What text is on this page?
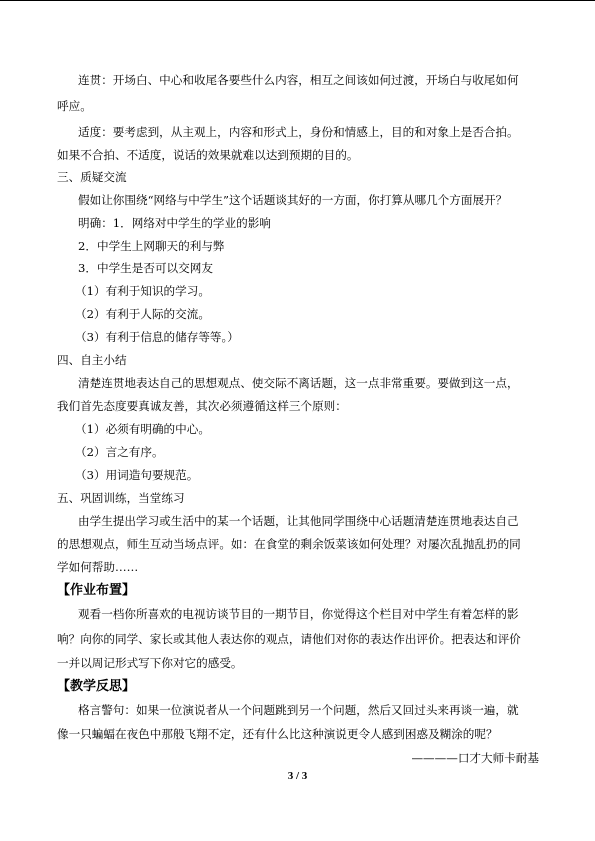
连贯：开场白、中心和收尾各要些什么内容，相互之间该如何过渡，开场白与收尾如何
呼应。
适度：要考虑到，从主观上，内容和形式上，身份和情感上，目的和对象上是否合拍。
如果不合拍、不适度，说话的效果就难以达到预期的目的。
三、质疑交流
假如让你围绕“网络与中学生”这个话题谈其好的一方面，你打算从哪几个方面展开？
明确：1．网络对中学生的学业的影响
2．中学生上网聊天的利与弊
3．中学生是否可以交网友
（1）有利于知识的学习。
（2）有利于人际的交流。
（3）有利于信息的储存等等。）
四、自主小结
清楚连贯地表达自己的思想观点、使交际不离话题，这一点非常重要。要做到这一点，
我们首先态度要真诚友善，其次必须遵循这样三个原则：
（1）必须有明确的中心。
（2）言之有序。
（3）用词造句要规范。
五、巩固训练，当堂练习
由学生提出学习或生活中的某一个话题，让其他同学围绕中心话题清楚连贯地表达自己
的思想观点，师生互动当场点评。如：在食堂的剩余饭菜该如何处理？对屡次乱抛乱扔的同
学如何帮助……
【作业布置】
观看一档你所喜欢的电视访谈节目的一期节目，你觉得这个栏目对中学生有着怎样的影
响？向你的同学、家长或其他人表达你的观点，请他们对你的表达作出评价。把表达和评价
一并以周记形式写下你对它的感受。
【教学反思】
格言警句：如果一位演说者从一个问题跳到另一个问题，然后又回过头来再谈一遍，就
像一只蝙蝠在夜色中那般飞翔不定，还有什么比这种演说更令人感到困惑及糊涂的呢？
————口才大师卡耐基
3 / 3
